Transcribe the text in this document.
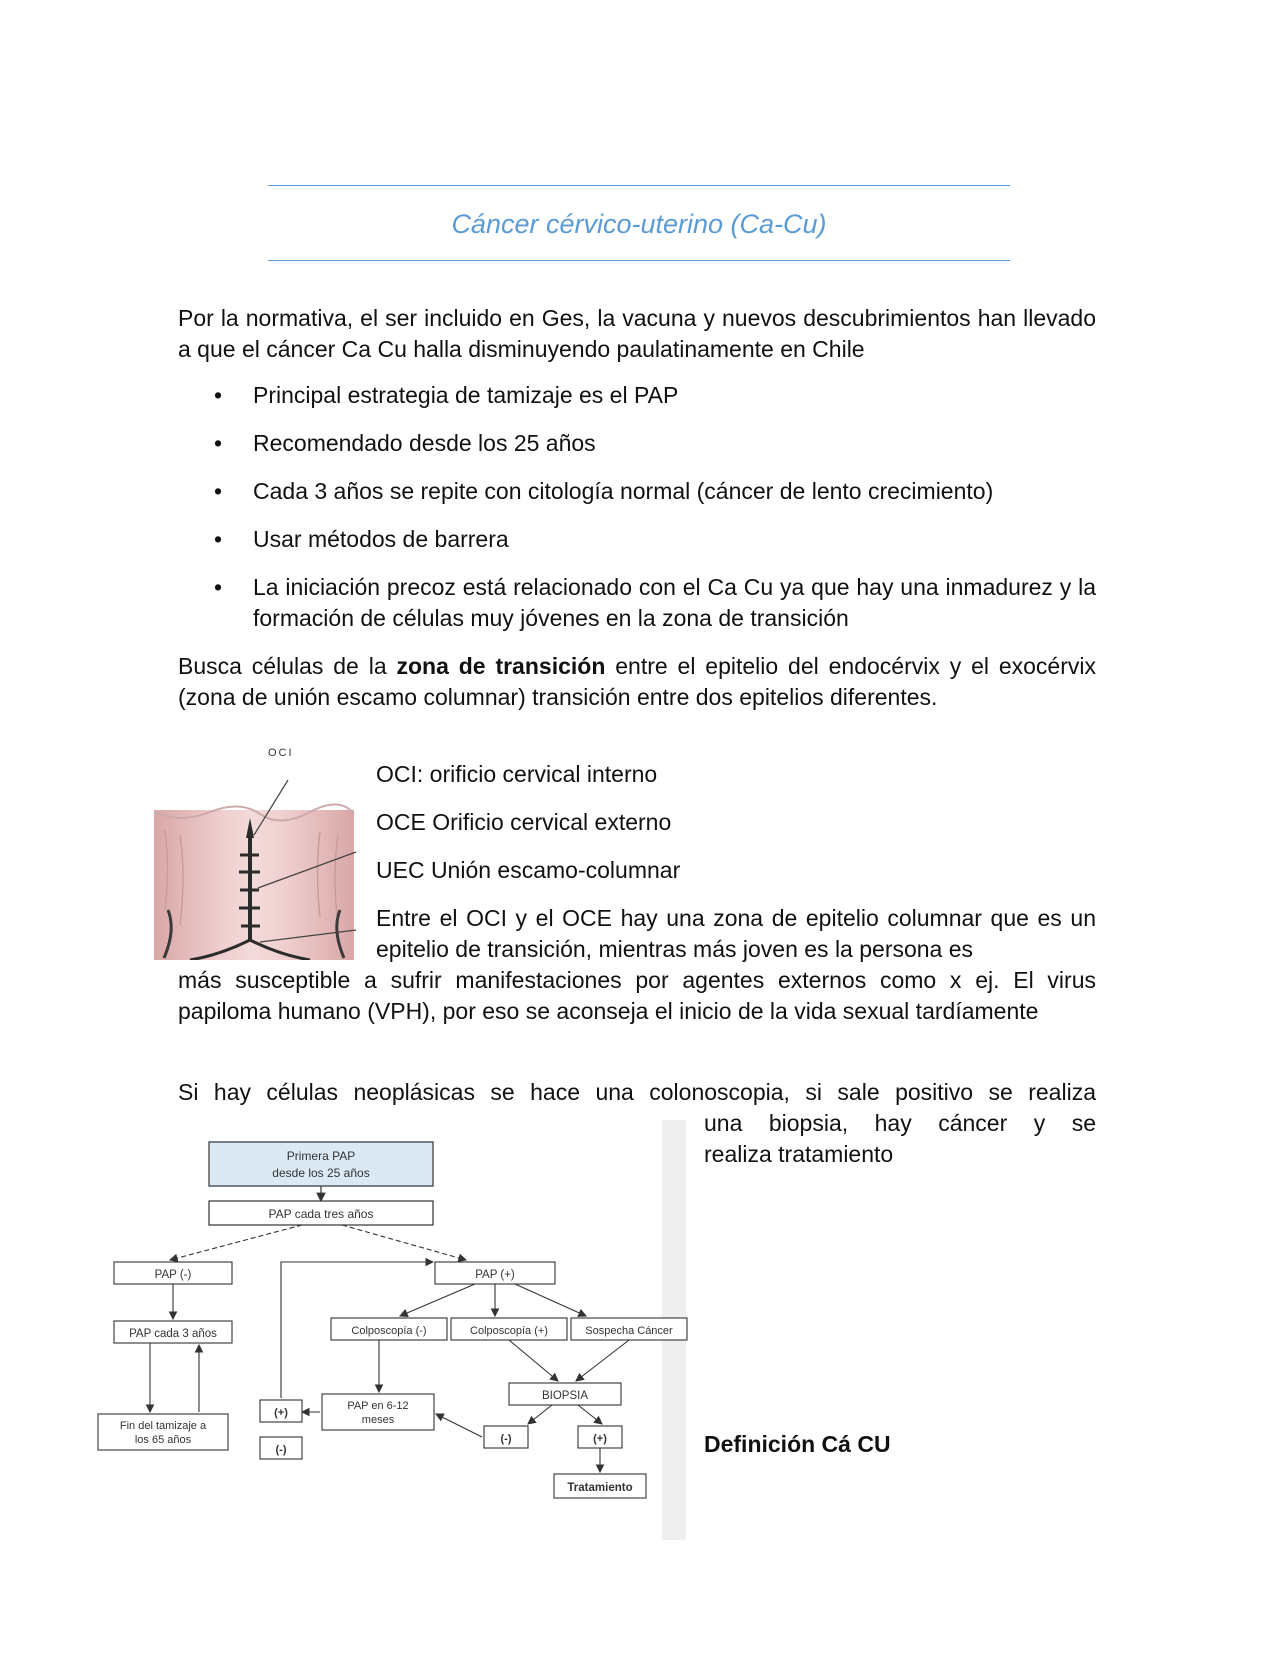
Cáncer cérvico-uterino (Ca-Cu)

Por la normativa, el ser incluido en Ges, la vacuna y nuevos descubrimientos han llevado a que el cáncer Ca Cu halla disminuyendo paulatinamente en Chile

• Principal estrategia de tamizaje es el PAP
• Recomendado desde los 25 años
• Cada 3 años se repite con citología normal (cáncer de lento crecimiento)
• Usar métodos de barrera
• La iniciación precoz está relacionado con el Ca Cu ya que hay una inmadurez y la formación de células muy jóvenes en la zona de transición

Busca células de la zona de transición entre el epitelio del endocérvix y el exocérvix (zona de unión escamo columnar) transición entre dos epitelios diferentes.

OCI
OCI: orificio cervical interno
OCE Orificio cervical externo
UEC Unión escamo-columnar

Entre el OCI y el OCE hay una zona de epitelio columnar que es un epitelio de transición, mientras más joven es la persona es

más susceptible a sufrir manifestaciones por agentes externos como x ej. El virus papiloma humano (VPH), por eso se aconseja el inicio de la vida sexual tardíamente

Si hay células neoplásicas se hace una colonoscopia, si sale positivo se realiza

una biopsia, hay cáncer y se

realiza tratamiento

Primera PAP
desde los 25 años
PAP cada tres años
PAP (-)
PAP cada 3 años
Fin del tamizaje a
los 65 años
PAP (+)
Colposcopía (-)	Colposcopía (+)	Sospecha Cáncer
BIOPSIA
PAP en 6-12
meses
(+)
(-)
(-)	(+)
Tratamiento
Definición Cá CU
